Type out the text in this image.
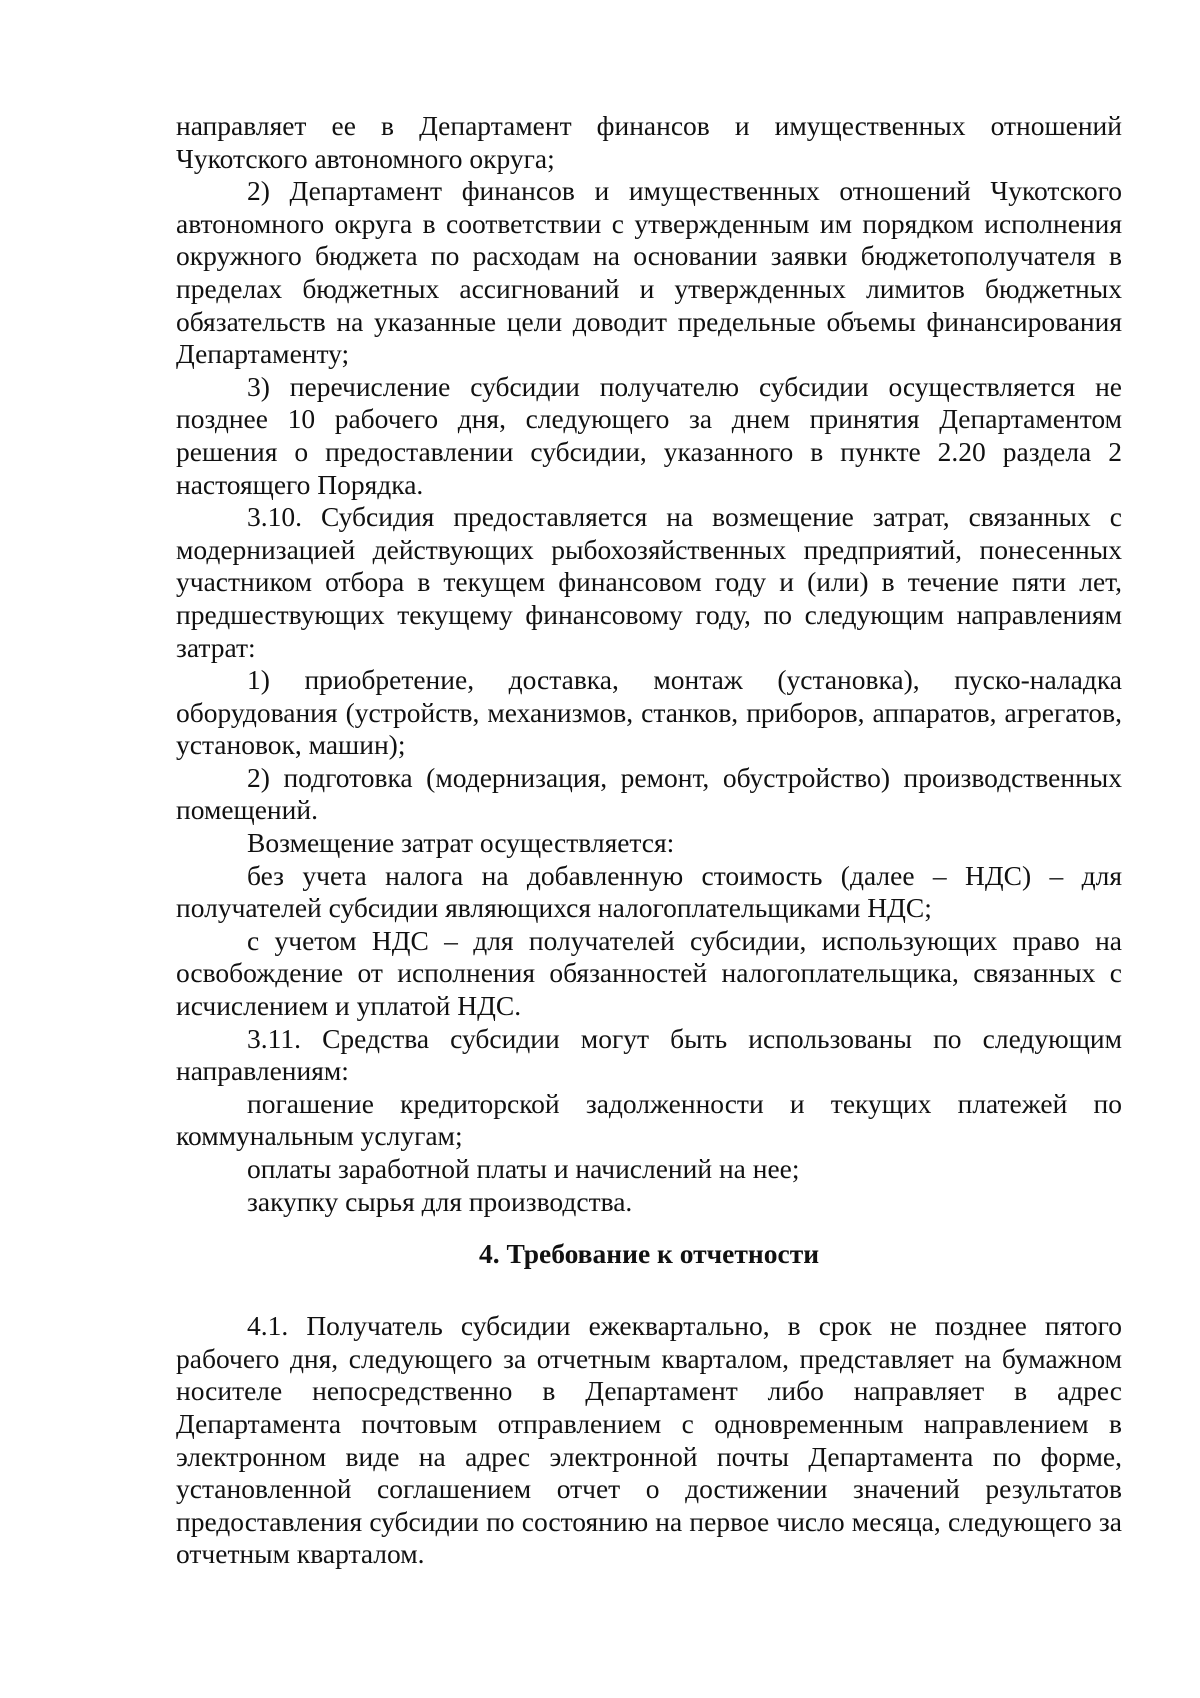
направляет ее в Департамент финансов и имущественных отношений Чукотского автономного округа;

2) Департамент финансов и имущественных отношений Чукотского автономного округа в соответствии с утвержденным им порядком исполнения окружного бюджета по расходам на основании заявки бюджетополучателя в пределах бюджетных ассигнований и утвержденных лимитов бюджетных обязательств на указанные цели доводит предельные объемы финансирования Департаменту;

3) перечисление субсидии получателю субсидии осуществляется не позднее 10 рабочего дня, следующего за днем принятия Департаментом решения о предоставлении субсидии, указанного в пункте 2.20 раздела 2 настоящего Порядка.

3.10. Субсидия предоставляется на возмещение затрат, связанных с модернизацией действующих рыбохозяйственных предприятий, понесенных участником отбора в текущем финансовом году и (или) в течение пяти лет, предшествующих текущему финансовому году, по следующим направлениям затрат:

1) приобретение, доставка, монтаж (установка), пуско-наладка оборудования (устройств, механизмов, станков, приборов, аппаратов, агрегатов, установок, машин);

2) подготовка (модернизация, ремонт, обустройство) производственных помещений.

Возмещение затрат осуществляется:

без учета налога на добавленную стоимость (далее – НДС) – для получателей субсидии являющихся налогоплательщиками НДС;

с учетом НДС – для получателей субсидии, использующих право на освобождение от исполнения обязанностей налогоплательщика, связанных с исчислением и уплатой НДС.

3.11. Средства субсидии могут быть использованы по следующим направлениям:

погашение кредиторской задолженности и текущих платежей по коммунальным услугам;

оплаты заработной платы и начислений на нее;

закупку сырья для производства.

4. Требование к отчетности

4.1. Получатель субсидии ежеквартально, в срок не позднее пятого рабочего дня, следующего за отчетным кварталом, представляет на бумажном носителе непосредственно в Департамент либо направляет в адрес Департамента почтовым отправлением с одновременным направлением в электронном виде на адрес электронной почты Департамента по форме, установленной соглашением отчет о достижении значений результатов предоставления субсидии по состоянию на первое число месяца, следующего за отчетным кварталом.
